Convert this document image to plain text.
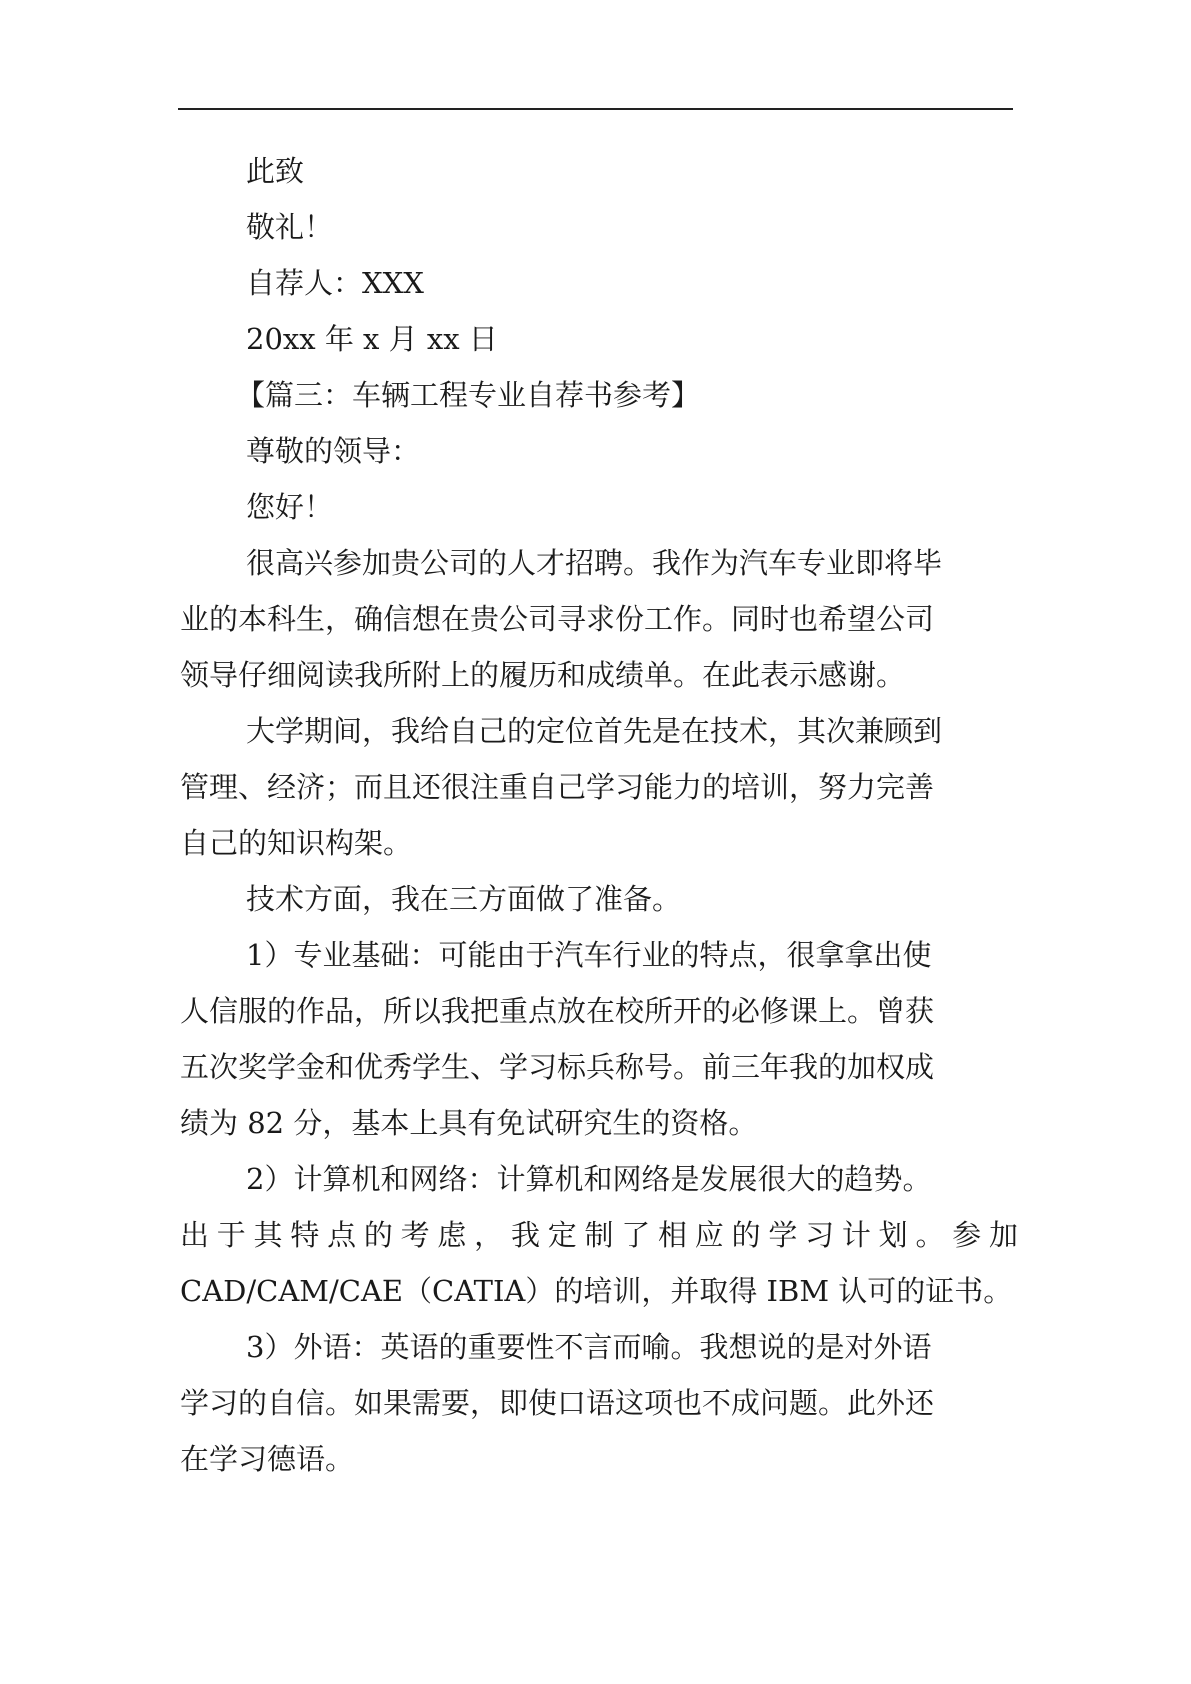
此致
敬礼！
自荐人：XXX
20xx 年 x 月 xx 日
【篇三：车辆工程专业自荐书参考】
尊敬的领导：
您好！
很高兴参加贵公司的人才招聘。我作为汽车专业即将毕
业的本科生，确信想在贵公司寻求份工作。同时也希望公司
领导仔细阅读我所附上的履历和成绩单。在此表示感谢。
大学期间，我给自己的定位首先是在技术，其次兼顾到
管理、经济；而且还很注重自己学习能力的培训，努力完善
自己的知识构架。
技术方面，我在三方面做了准备。
1）专业基础：可能由于汽车行业的特点，很拿拿出使
人信服的作品，所以我把重点放在校所开的必修课上。曾获
五次奖学金和优秀学生、学习标兵称号。前三年我的加权成
绩为 82 分，基本上具有免试研究生的资格。
2）计算机和网络：计算机和网络是发展很大的趋势。
出于其特点的考虑，我定制了相应的学习计划。参加
CAD/CAM/CAE（CATIA）的培训，并取得 IBM 认可的证书。
3）外语：英语的重要性不言而喻。我想说的是对外语
学习的自信。如果需要，即使口语这项也不成问题。此外还
在学习德语。
